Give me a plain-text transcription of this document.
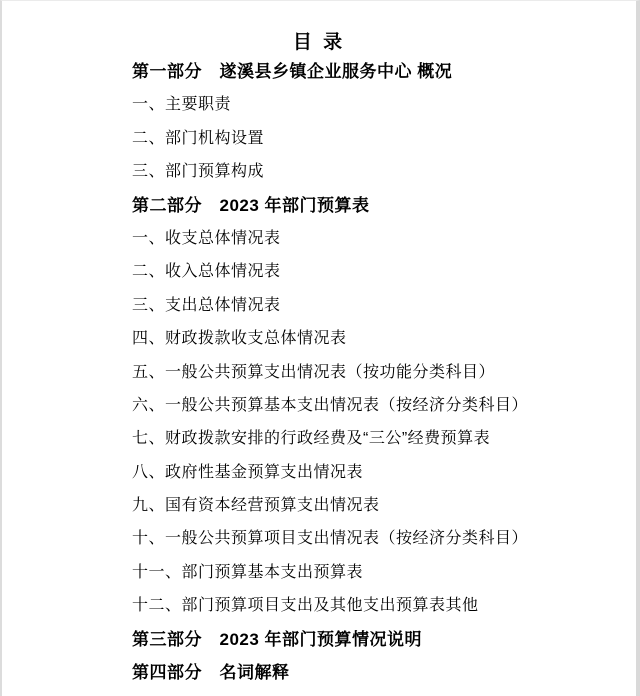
目 录
第一部分　遂溪县乡镇企业服务中心 概况
一、主要职责
二、部门机构设置
三、部门预算构成
第二部分　2023 年部门预算表
一、收支总体情况表
二、收入总体情况表
三、支出总体情况表
四、财政拨款收支总体情况表
五、一般公共预算支出情况表（按功能分类科目）
六、一般公共预算基本支出情况表（按经济分类科目）
七、财政拨款安排的行政经费及“三公”经费预算表
八、政府性基金预算支出情况表
九、国有资本经营预算支出情况表
十、一般公共预算项目支出情况表（按经济分类科目）
十一、部门预算基本支出预算表
十二、部门预算项目支出及其他支出预算表其他
第三部分　2023 年部门预算情况说明
第四部分　名词解释
